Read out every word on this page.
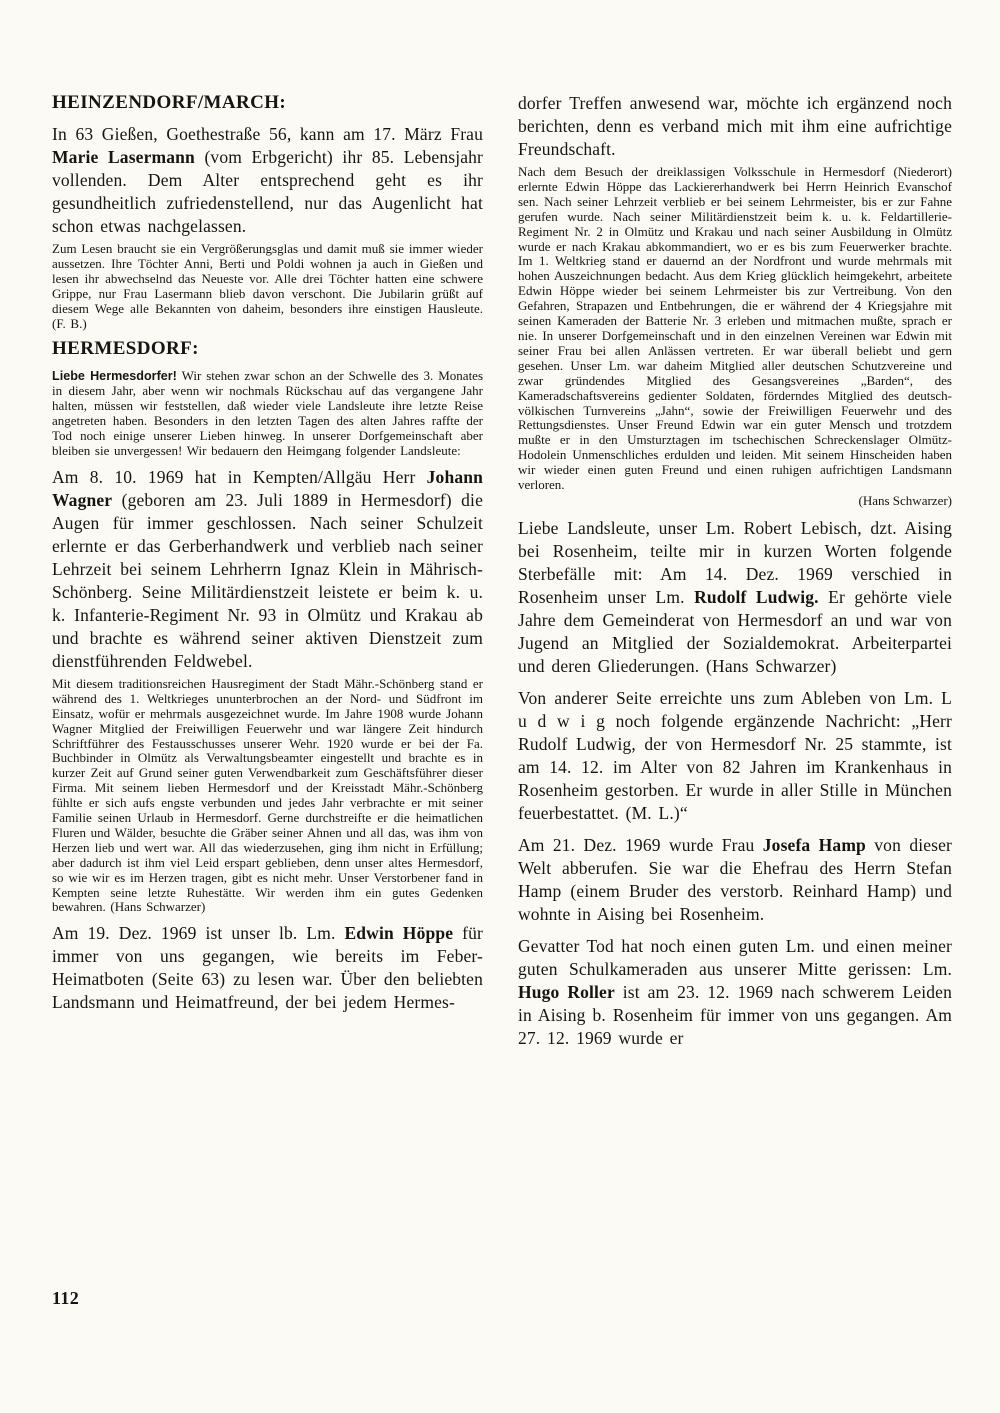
HEINZENDORF/MARCH:

In 63 Gießen, Goethestraße 56, kann am 17. März Frau Marie Lasermann (vom Erbgericht) ihr 85. Lebensjahr vollenden. Dem Alter entsprechend geht es ihr gesundheitlich zufriedenstellend, nur das Augenlicht hat schon etwas nachgelassen.

Zum Lesen braucht sie ein Vergrößerungsglas und damit muß sie immer wieder aussetzen. Ihre Töchter Anni, Berti und Poldi wohnen ja auch in Gießen und lesen ihr abwechselnd das Neueste vor. Alle drei Töchter hatten eine schwere Grippe, nur Frau Lasermann blieb davon verschont. Die Jubilarin grüßt auf diesem Wege alle Bekannten von daheim, besonders ihre einstigen Hausleute. (F. B.)

HERMESDORF:

Liebe Hermesdorfer! Wir stehen zwar schon an der Schwelle des 3. Monates in diesem Jahr, aber wenn wir nochmals Rückschau auf das vergangene Jahr halten, müssen wir feststellen, daß wieder viele Landsleute ihre letzte Reise angetreten haben. Besonders in den letzten Tagen des alten Jahres raffte der Tod noch einige unserer Lieben hinweg. In unserer Dorfgemeinschaft aber bleiben sie unvergessen! Wir bedauern den Heimgang folgender Landsleute:

Am 8. 10. 1969 hat in Kempten/Allgäu Herr Johann Wagner (geboren am 23. Juli 1889 in Hermesdorf) die Augen für immer geschlossen. Nach seiner Schulzeit erlernte er das Gerberhandwerk und verblieb nach seiner Lehrzeit bei seinem Lehrherrn Ignaz Klein in Mährisch-Schönberg. Seine Militärdienstzeit leistete er beim k. u. k. Infanterie-Regiment Nr. 93 in Olmütz und Krakau ab und brachte es während seiner aktiven Dienstzeit zum dienstführenden Feldwebel.

Mit diesem traditionsreichen Hausregiment der Stadt Mähr.-Schönberg stand er während des 1. Weltkrieges ununterbrochen an der Nord- und Südfront im Einsatz, wofür er mehrmals ausgezeichnet wurde. Im Jahre 1908 wurde Johann Wagner Mitglied der Freiwilligen Feuerwehr und war längere Zeit hindurch Schriftführer des Festausschusses unserer Wehr. 1920 wurde er bei der Fa. Buchbinder in Olmütz als Verwaltungsbeamter eingestellt und brachte es in kurzer Zeit auf Grund seiner guten Verwendbarkeit zum Geschäftsführer dieser Firma. Mit seinem lieben Hermesdorf und der Kreisstadt Mähr.-Schönberg fühlte er sich aufs engste verbunden und jedes Jahr verbrachte er mit seiner Familie seinen Urlaub in Hermesdorf. Gerne durchstreifte er die heimatlichen Fluren und Wälder, besuchte die Gräber seiner Ahnen und all das, was ihm von Herzen lieb und wert war. All das wiederzusehen, ging ihm nicht in Erfüllung; aber dadurch ist ihm viel Leid erspart geblieben, denn unser altes Hermesdorf, so wie wir es im Herzen tragen, gibt es nicht mehr. Unser Verstorbener fand in Kempten seine letzte Ruhestätte. Wir werden ihm ein gutes Gedenken bewahren. (Hans Schwarzer)

Am 19. Dez. 1969 ist unser lb. Lm. Edwin Höppe für immer von uns gegangen, wie bereits im Feber-Heimatboten (Seite 63) zu lesen war. Über den beliebten Landsmann und Heimatfreund, der bei jedem Hermes-

dorfer Treffen anwesend war, möchte ich ergänzend noch berichten, denn es verband mich mit ihm eine aufrichtige Freundschaft.

Nach dem Besuch der dreiklassigen Volksschule in Hermesdorf (Niederort) erlernte Edwin Höppe das Lackiererhandwerk bei Herrn Heinrich Evanschof sen. Nach seiner Lehrzeit verblieb er bei seinem Lehrmeister, bis er zur Fahne gerufen wurde. Nach seiner Militärdienstzeit beim k. u. k. Feldartillerie-Regiment Nr. 2 in Olmütz und Krakau und nach seiner Ausbildung in Olmütz wurde er nach Krakau abkommandiert, wo er es bis zum Feuerwerker brachte. Im 1. Weltkrieg stand er dauernd an der Nordfront und wurde mehrmals mit hohen Auszeichnungen bedacht. Aus dem Krieg glücklich heimgekehrt, arbeitete Edwin Höppe wieder bei seinem Lehrmeister bis zur Vertreibung. Von den Gefahren, Strapazen und Entbehrungen, die er während der 4 Kriegsjahre mit seinen Kameraden der Batterie Nr. 3 erleben und mitmachen mußte, sprach er nie. In unserer Dorfgemeinschaft und in den einzelnen Vereinen war Edwin mit seiner Frau bei allen Anlässen vertreten. Er war überall beliebt und gern gesehen. Unser Lm. war daheim Mitglied aller deutschen Schutzvereine und zwar gründendes Mitglied des Gesangsvereines „Barden“, des Kameradschaftsvereins gedienter Soldaten, förderndes Mitglied des deutsch-völkischen Turnvereins „Jahn“, sowie der Freiwilligen Feuerwehr und des Rettungsdienstes. Unser Freund Edwin war ein guter Mensch und trotzdem mußte er in den Umsturztagen im tschechischen Schreckenslager Olmütz-Hodolein Unmenschliches erdulden und leiden. Mit seinem Hinscheiden haben wir wieder einen guten Freund und einen ruhigen aufrichtigen Landsmann verloren.

(Hans Schwarzer)

Liebe Landsleute, unser Lm. Robert Lebisch, dzt. Aising bei Rosenheim, teilte mir in kurzen Worten folgende Sterbefälle mit: Am 14. Dez. 1969 verschied in Rosenheim unser Lm. Rudolf Ludwig. Er gehörte viele Jahre dem Gemeinderat von Hermesdorf an und war von Jugend an Mitglied der Sozialdemokrat. Arbeiterpartei und deren Gliederungen. (Hans Schwarzer)

Von anderer Seite erreichte uns zum Ableben von Lm. L u d w i g noch folgende ergänzende Nachricht: „Herr Rudolf Ludwig, der von Hermesdorf Nr. 25 stammte, ist am 14. 12. im Alter von 82 Jahren im Krankenhaus in Rosenheim gestorben. Er wurde in aller Stille in München feuerbestattet. (M. L.)“

Am 21. Dez. 1969 wurde Frau Josefa Hamp von dieser Welt abberufen. Sie war die Ehefrau des Herrn Stefan Hamp (einem Bruder des verstorb. Reinhard Hamp) und wohnte in Aising bei Rosenheim.

Gevatter Tod hat noch einen guten Lm. und einen meiner guten Schulkameraden aus unserer Mitte gerissen: Lm. Hugo Roller ist am 23. 12. 1969 nach schwerem Leiden in Aising b. Rosenheim für immer von uns gegangen. Am 27. 12. 1969 wurde er

112
